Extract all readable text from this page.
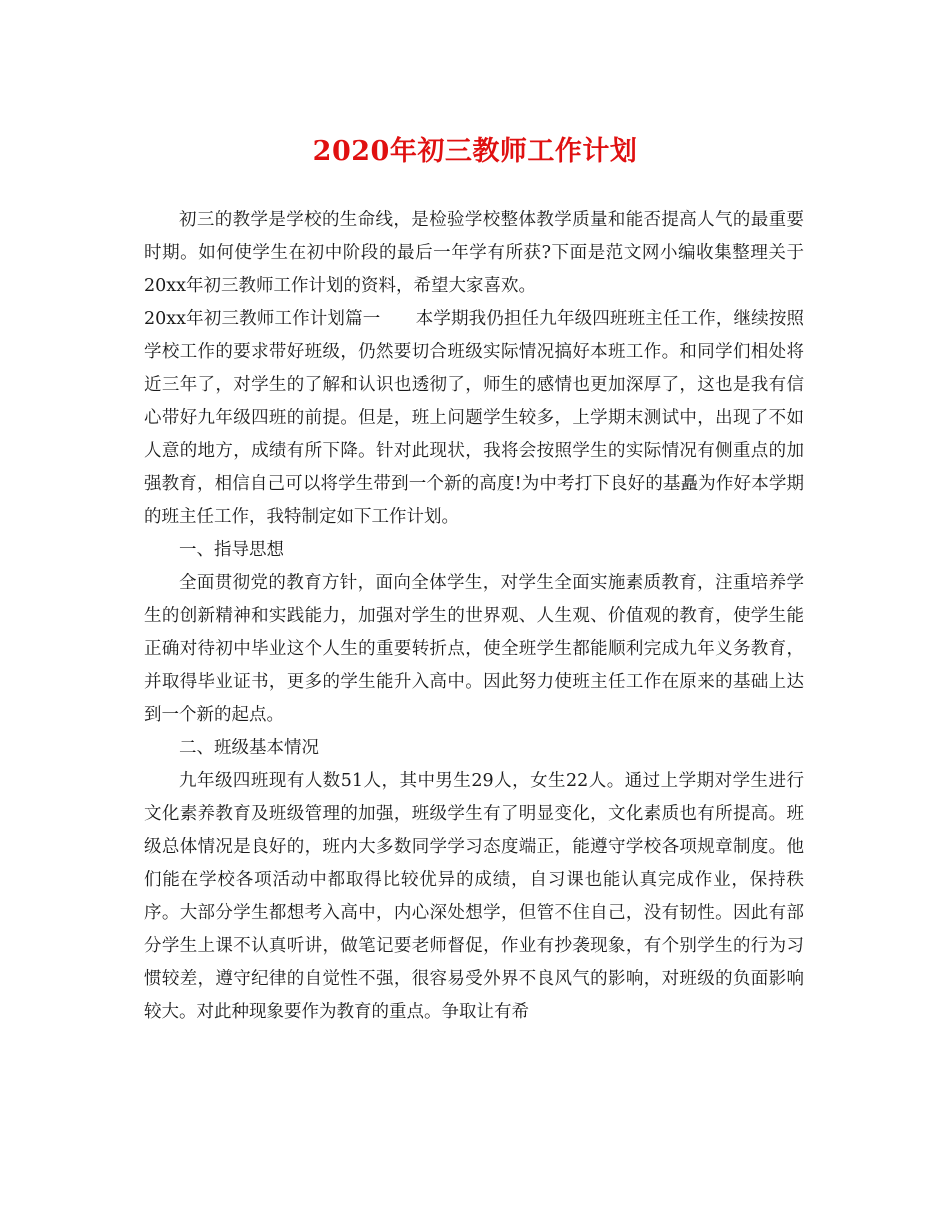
2020年初三教师工作计划

初三的教学是学校的生命线，是检验学校整体教学质量和能否提高人气的最重要时期。如何使学生在初中阶段的最后一年学有所获?下面是范文网小编收集整理关于20xx年初三教师工作计划的资料，希望大家喜欢。

20xx年初三教师工作计划篇一　　本学期我仍担任九年级四班班主任工作，继续按照学校工作的要求带好班级，仍然要切合班级实际情况搞好本班工作。和同学们相处将近三年了，对学生的了解和认识也透彻了，师生的感情也更加深厚了，这也是我有信心带好九年级四班的前提。但是，班上问题学生较多，上学期末测试中，出现了不如人意的地方，成绩有所下降。针对此现状，我将会按照学生的实际情况有侧重点的加强教育，相信自己可以将学生带到一个新的高度!为中考打下良好的基矗为作好本学期的班主任工作，我特制定如下工作计划。

一、指导思想

全面贯彻党的教育方针，面向全体学生，对学生全面实施素质教育，注重培养学生的创新精神和实践能力，加强对学生的世界观、人生观、价值观的教育，使学生能正确对待初中毕业这个人生的重要转折点，使全班学生都能顺利完成九年义务教育，并取得毕业证书，更多的学生能升入高中。因此努力使班主任工作在原来的基础上达到一个新的起点。

二、班级基本情况

九年级四班现有人数51人，其中男生29人，女生22人。通过上学期对学生进行文化素养教育及班级管理的加强，班级学生有了明显变化，文化素质也有所提高。班级总体情况是良好的，班内大多数同学学习态度端正，能遵守学校各项规章制度。他们能在学校各项活动中都取得比较优异的成绩，自习课也能认真完成作业，保持秩序。大部分学生都想考入高中，内心深处想学，但管不住自己，没有韧性。因此有部分学生上课不认真听讲，做笔记要老师督促，作业有抄袭现象，有个别学生的行为习惯较差，遵守纪律的自觉性不强，很容易受外界不良风气的影响，对班级的负面影响较大。对此种现象要作为教育的重点。争取让有希
